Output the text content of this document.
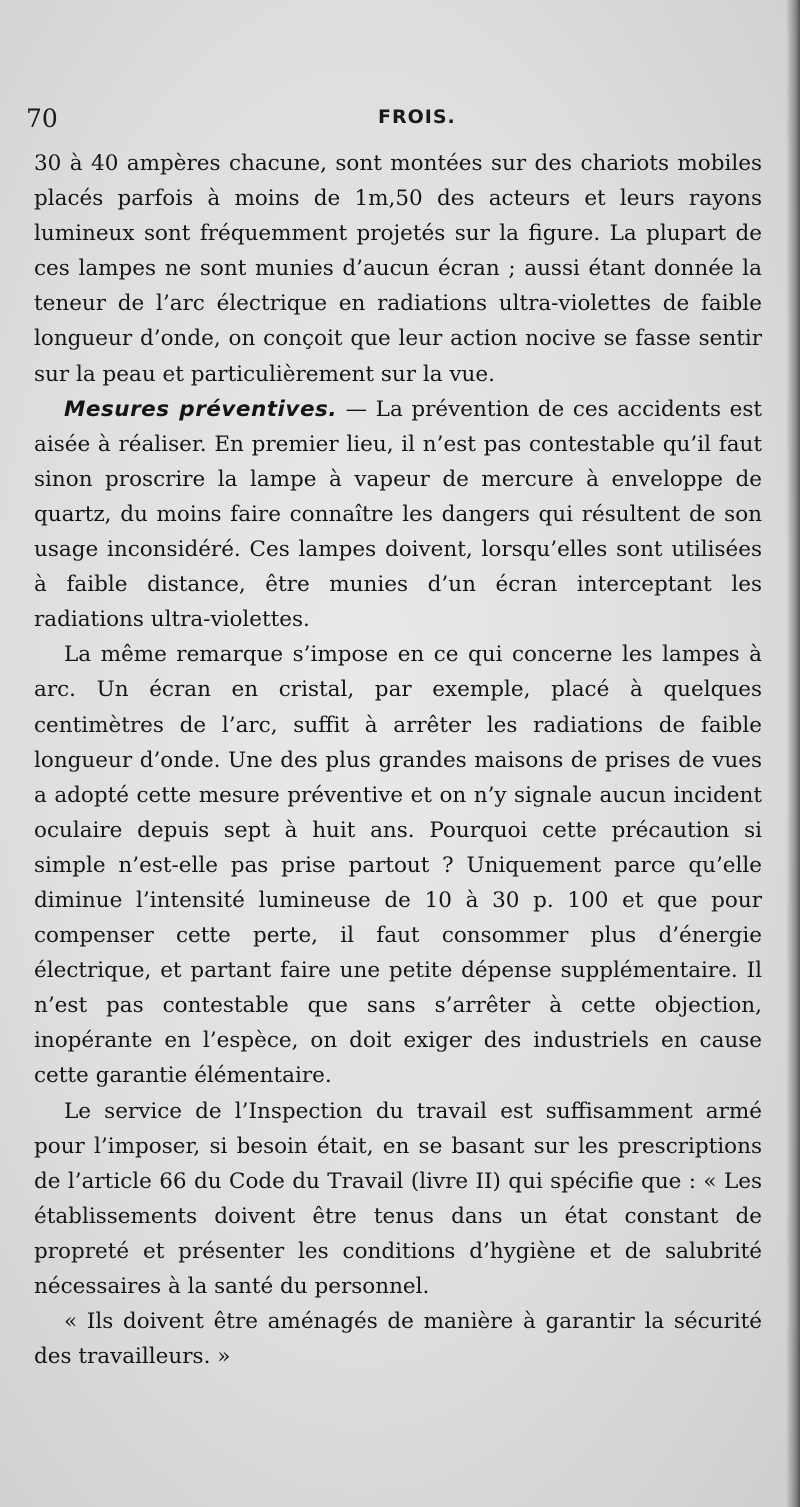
70	FROIS.

30 à 40 ampères chacune, sont montées sur des chariots mobiles placés parfois à moins de 1m,50 des acteurs et leurs rayons lumineux sont fréquemment projetés sur la figure. La plupart de ces lampes ne sont munies d’aucun écran ; aussi étant donnée la teneur de l’arc électrique en radiations ultra-violettes de faible longueur d’onde, on conçoit que leur action nocive se fasse sentir sur la peau et particulièrement sur la vue.

Mesures préventives. — La prévention de ces accidents est aisée à réaliser. En premier lieu, il n’est pas contestable qu’il faut sinon proscrire la lampe à vapeur de mercure à enveloppe de quartz, du moins faire connaître les dangers qui résultent de son usage inconsidéré. Ces lampes doivent, lorsqu’elles sont utilisées à faible distance, être munies d’un écran interceptant les radiations ultra-violettes.

La même remarque s’impose en ce qui concerne les lampes à arc. Un écran en cristal, par exemple, placé à quelques centimètres de l’arc, suffit à arrêter les radiations de faible longueur d’onde. Une des plus grandes maisons de prises de vues a adopté cette mesure préventive et on n’y signale aucun incident oculaire depuis sept à huit ans. Pourquoi cette précaution si simple n’est-elle pas prise partout ? Uniquement parce qu’elle diminue l’intensité lumineuse de 10 à 30 p. 100 et que pour compenser cette perte, il faut consommer plus d’énergie électrique, et partant faire une petite dépense supplémentaire. Il n’est pas contestable que sans s’arrêter à cette objection, inopérante en l’espèce, on doit exiger des industriels en cause cette garantie élémentaire.

Le service de l’Inspection du travail est suffisamment armé pour l’imposer, si besoin était, en se basant sur les prescriptions de l’article 66 du Code du Travail (livre II) qui spécifie que : « Les établissements doivent être tenus dans un état constant de propreté et présenter les conditions d’hygiène et de salubrité nécessaires à la santé du personnel.

« Ils doivent être aménagés de manière à garantir la sécurité des travailleurs. »
